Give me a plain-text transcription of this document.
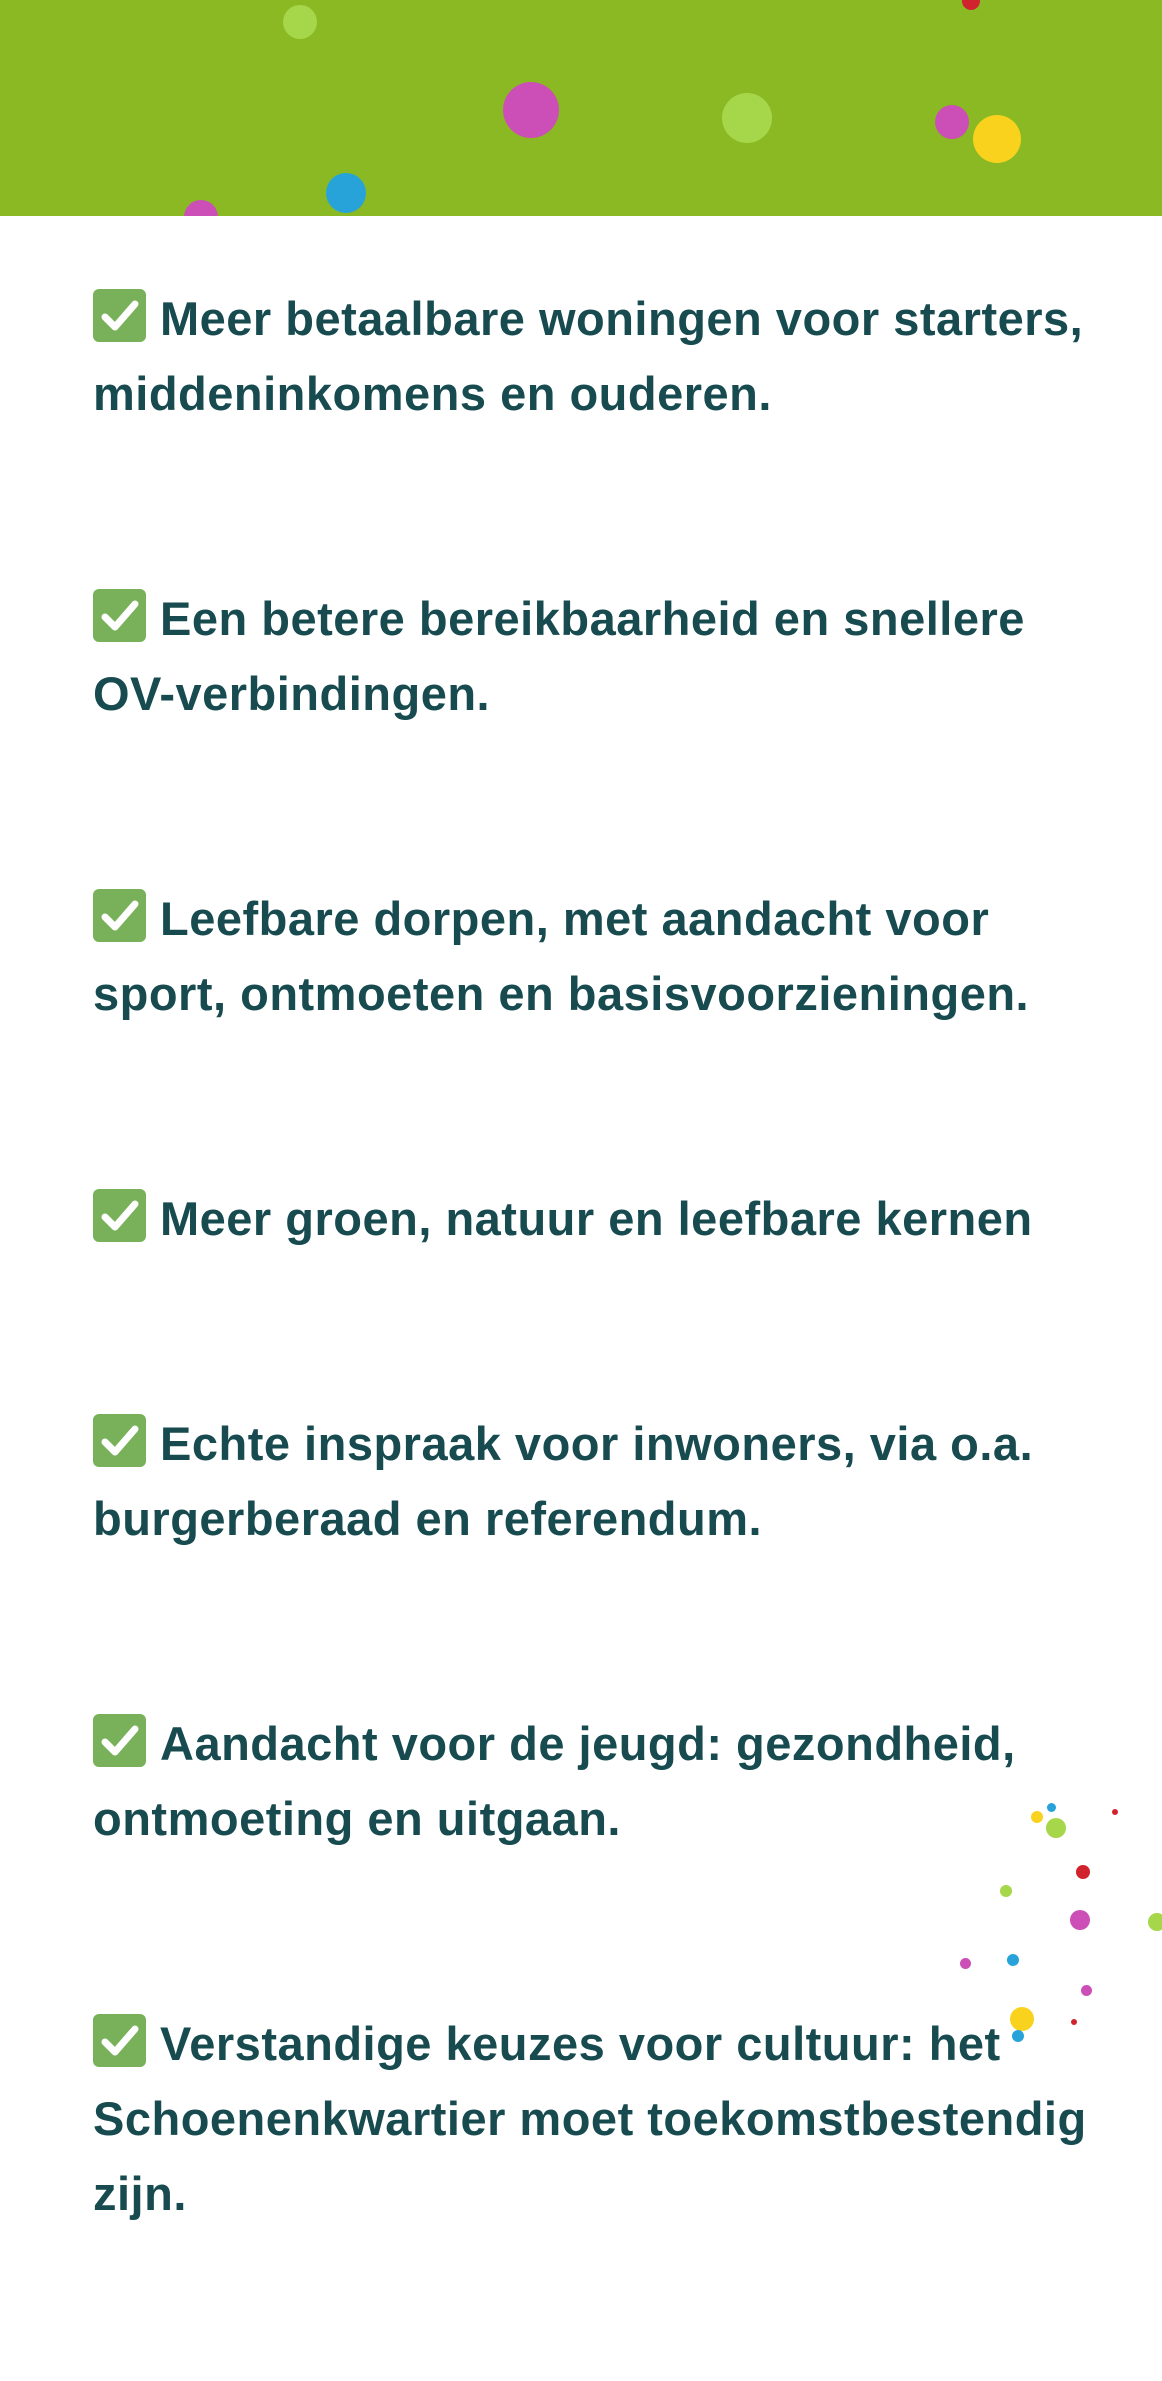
Meer betaalbare woningen voor starters, middeninkomens en ouderen.
Een betere bereikbaarheid en snellere OV-verbindingen.
Leefbare dorpen, met aandacht voor sport, ontmoeten en basisvoorzieningen.
Meer groen, natuur en leefbare kernen
Echte inspraak voor inwoners, via o.a. burgerberaad en referendum.
Aandacht voor de jeugd: gezondheid, ontmoeting en uitgaan.
Verstandige keuzes voor cultuur: het Schoenenkwartier moet toekomstbestendig zijn.
